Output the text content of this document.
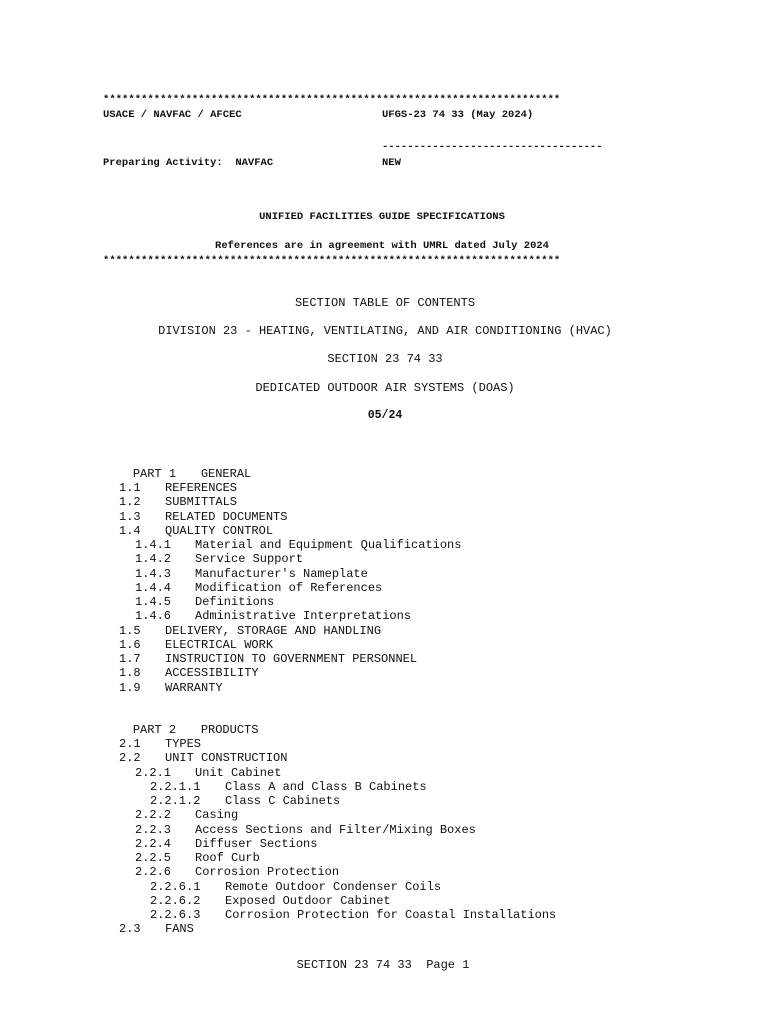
************************************************************************
USACE / NAVFAC / AFCEC	UFGS-23 74 33 (May 2024)
-----------------------------------
Preparing Activity:  NAVFAC	NEW
UNIFIED FACILITIES GUIDE SPECIFICATIONS
References are in agreement with UMRL dated July 2024
************************************************************************
SECTION TABLE OF CONTENTS
DIVISION 23 - HEATING, VENTILATING, AND AIR CONDITIONING (HVAC)
SECTION 23 74 33
DEDICATED OUTDOOR AIR SYSTEMS (DOAS)
05/24

PART 1 GENERAL

1.1 REFERENCES
1.2 SUBMITTALS
1.3 RELATED DOCUMENTS
1.4 QUALITY CONTROL
1.4.1 Material and Equipment Qualifications
1.4.2 Service Support
1.4.3 Manufacturer's Nameplate
1.4.4 Modification of References
1.4.5 Definitions
1.4.6 Administrative Interpretations
1.5 DELIVERY, STORAGE AND HANDLING
1.6 ELECTRICAL WORK
1.7 INSTRUCTION TO GOVERNMENT PERSONNEL
1.8 ACCESSIBILITY
1.9 WARRANTY

PART 2 PRODUCTS

2.1 TYPES
2.2 UNIT CONSTRUCTION
2.2.1 Unit Cabinet
2.2.1.1 Class A and Class B Cabinets
2.2.1.2 Class C Cabinets
2.2.2 Casing
2.2.3 Access Sections and Filter/Mixing Boxes
2.2.4 Diffuser Sections
2.2.5 Roof Curb
2.2.6 Corrosion Protection
2.2.6.1 Remote Outdoor Condenser Coils
2.2.6.2 Exposed Outdoor Cabinet
2.2.6.3 Corrosion Protection for Coastal Installations
2.3 FANS
SECTION 23 74 33  Page 1
